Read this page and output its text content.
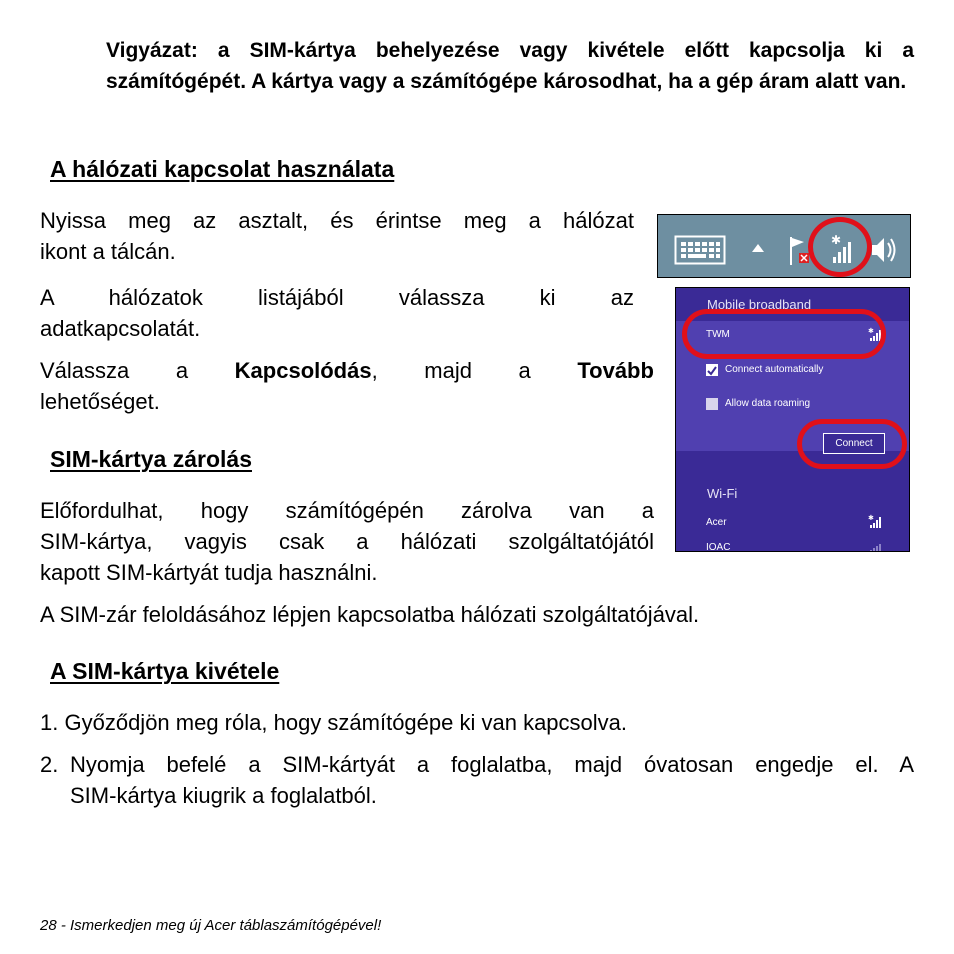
Vigyázat: a SIM-kártya behelyezése vagy kivétele előtt kapcsolja ki a számítógépét. A kártya vagy a számítógépe károsodhat, ha a gép áram alatt van.
A hálózati kapcsolat használata
Nyissa meg az asztalt, és érintse meg a hálózat
ikont a tálcán.
A hálózatok listájából válassza ki az
adatkapcsolatát.
Válassza a Kapcsolódás, majd a Tovább
lehetőséget.
SIM-kártya zárolás
Előfordulhat, hogy számítógépén zárolva van a
SIM-kártya, vagyis csak a hálózati szolgáltatójától
kapott SIM-kártyát tudja használni.
A SIM-zár feloldásához lépjen kapcsolatba hálózati szolgáltatójával.
A SIM-kártya kivétele
1. Győződjön meg róla, hogy számítógépe ki van kapcsolva.
2. Nyomja befelé a SIM-kártyát a foglalatba, majd óvatosan engedje el. A
SIM-kártya kiugrik a foglalatból.
✱
Mobile broadband
TWM	✱
Connect automatically
Allow data roaming
Connect
Wi-Fi
Acer	✱
IOAC
28 - Ismerkedjen meg új Acer táblaszámítógépével!
